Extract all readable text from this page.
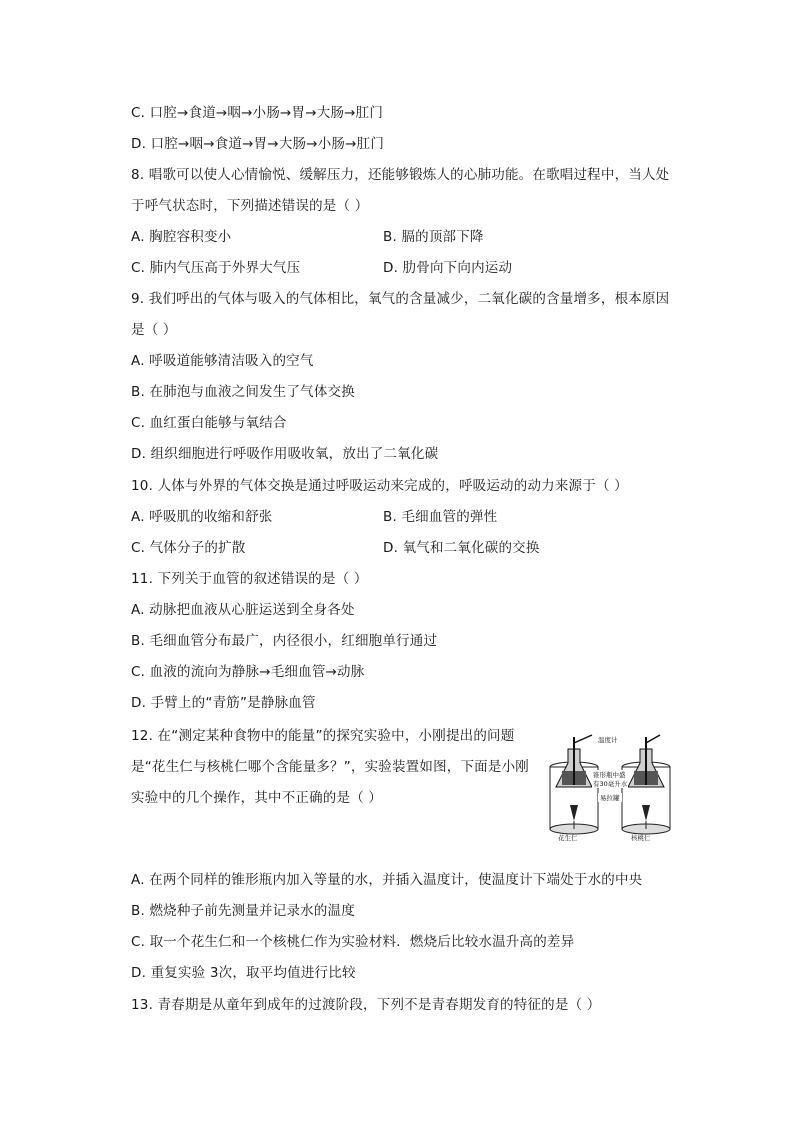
C. 口腔→食道→咽→小肠→胃→大肠→肛门
D. 口腔→咽→食道→胃→大肠→小肠→肛门
8. 唱歌可以使人心情愉悦、缓解压力，还能够锻炼人的心肺功能。在歌唱过程中，当人处
于呼气状态时，下列描述错误的是（ ）
A. 胸腔容积变小	B. 膈的顶部下降
C. 肺内气压高于外界大气压	D. 肋骨向下向内运动
9. 我们呼出的气体与吸入的气体相比，氧气的含量减少，二氧化碳的含量增多，根本原因
是（ ）
A. 呼吸道能够清洁吸入的空气
B. 在肺泡与血液之间发生了气体交换
C. 血红蛋白能够与氧结合
D. 组织细胞进行呼吸作用吸收氧，放出了二氧化碳
10. 人体与外界的气体交换是通过呼吸运动来完成的，呼吸运动的动力来源于（ ）
A. 呼吸肌的收缩和舒张	B. 毛细血管的弹性
C. 气体分子的扩散	D. 氧气和二氧化碳的交换
11. 下列关于血管的叙述错误的是（ ）
A. 动脉把血液从心脏运送到全身各处
B. 毛细血管分布最广，内径很小，红细胞单行通过
C. 血液的流向为静脉→毛细血管→动脉
D. 手臂上的“青筋”是静脉血管
12. 在“测定某种食物中的能量”的探究实验中，小刚提出的问题
是“花生仁与核桃仁哪个含能量多？”，实验装置如图，下面是小刚
实验中的几个操作，其中不正确的是（ ）
花生仁	核桃仁
温度计
锥形瓶中盛
有30毫升水
易拉罐
A. 在两个同样的锥形瓶内加入等量的水，并插入温度计，使温度计下端处于水的中央
B. 燃烧种子前先测量并记录水的温度
C. 取一个花生仁和一个核桃仁作为实验材料．燃烧后比较水温升高的差异
D. 重复实验 3次，取平均值进行比较
13. 青春期是从童年到成年的过渡阶段，下列不是青春期发育的特征的是（ ）
